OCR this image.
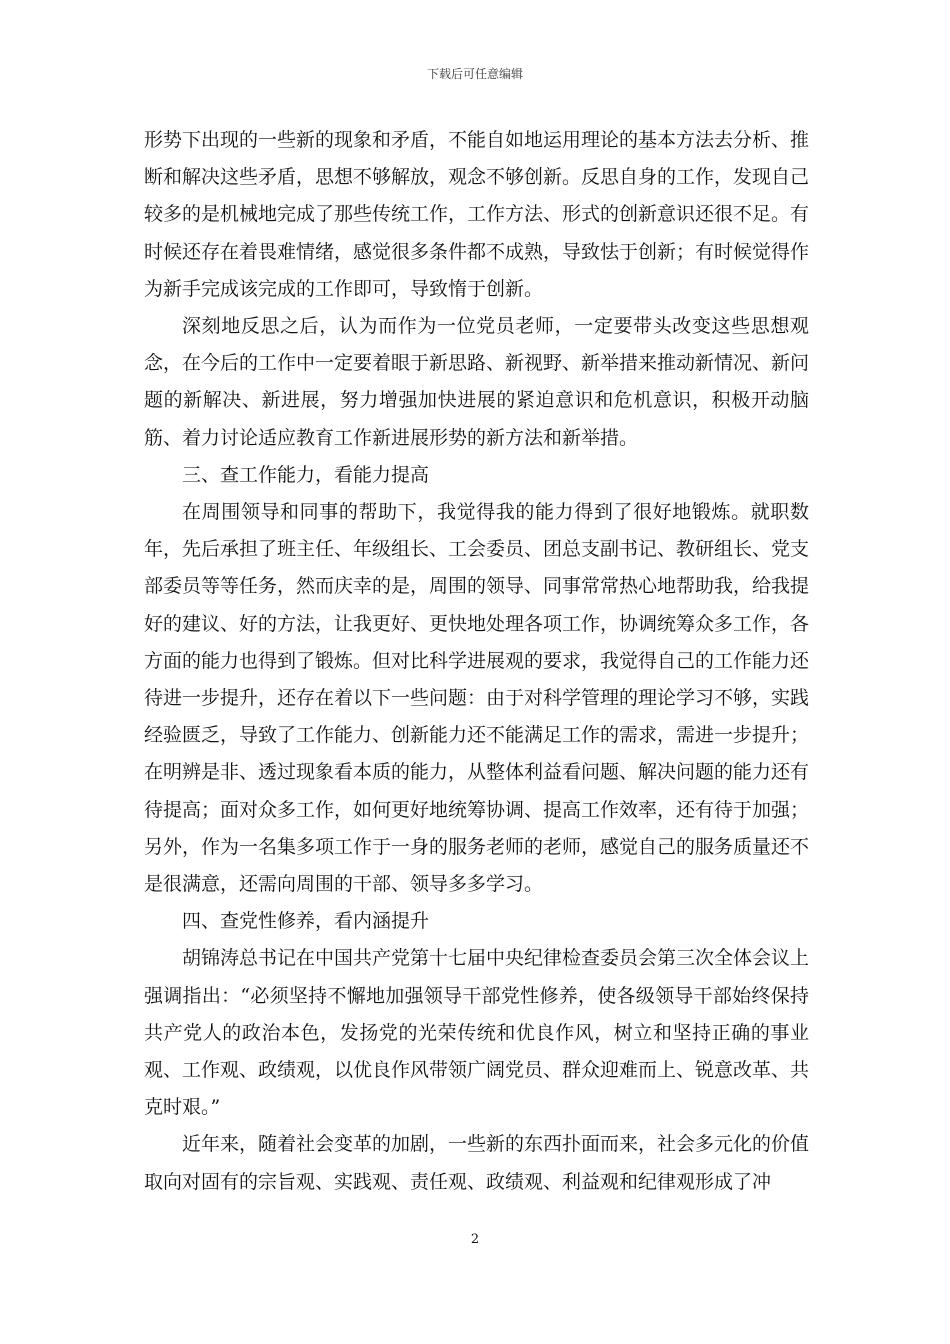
下载后可任意编辑

形势下出现的一些新的现象和矛盾，不能自如地运用理论的基本方法去分析、推断和解决这些矛盾，思想不够解放，观念不够创新。反思自身的工作，发现自己较多的是机械地完成了那些传统工作，工作方法、形式的创新意识还很不足。有时候还存在着畏难情绪，感觉很多条件都不成熟，导致怯于创新；有时候觉得作为新手完成该完成的工作即可，导致惰于创新。

深刻地反思之后，认为而作为一位党员老师，一定要带头改变这些思想观念，在今后的工作中一定要着眼于新思路、新视野、新举措来推动新情况、新问题的新解决、新进展，努力增强加快进展的紧迫意识和危机意识，积极开动脑筋、着力讨论适应教育工作新进展形势的新方法和新举措。

三、查工作能力，看能力提高

在周围领导和同事的帮助下，我觉得我的能力得到了很好地锻炼。就职数年，先后承担了班主任、年级组长、工会委员、团总支副书记、教研组长、党支部委员等等任务，然而庆幸的是，周围的领导、同事常常热心地帮助我，给我提好的建议、好的方法，让我更好、更快地处理各项工作，协调统筹众多工作，各方面的能力也得到了锻炼。但对比科学进展观的要求，我觉得自己的工作能力还待进一步提升，还存在着以下一些问题：由于对科学管理的理论学习不够，实践经验匮乏，导致了工作能力、创新能力还不能满足工作的需求，需进一步提升；在明辨是非、透过现象看本质的能力，从整体利益看问题、解决问题的能力还有待提高；面对众多工作，如何更好地统筹协调、提高工作效率，还有待于加强；另外，作为一名集多项工作于一身的服务老师的老师，感觉自己的服务质量还不是很满意，还需向周围的干部、领导多多学习。

四、查党性修养，看内涵提升

胡锦涛总书记在中国共产党第十七届中央纪律检查委员会第三次全体会议上强调指出：“必须坚持不懈地加强领导干部党性修养，使各级领导干部始终保持共产党人的政治本色，发扬党的光荣传统和优良作风，树立和坚持正确的事业观、工作观、政绩观，以优良作风带领广阔党员、群众迎难而上、锐意改革、共克时艰。”

近年来，随着社会变革的加剧，一些新的东西扑面而来，社会多元化的价值取向对固有的宗旨观、实践观、责任观、政绩观、利益观和纪律观形成了冲

2
